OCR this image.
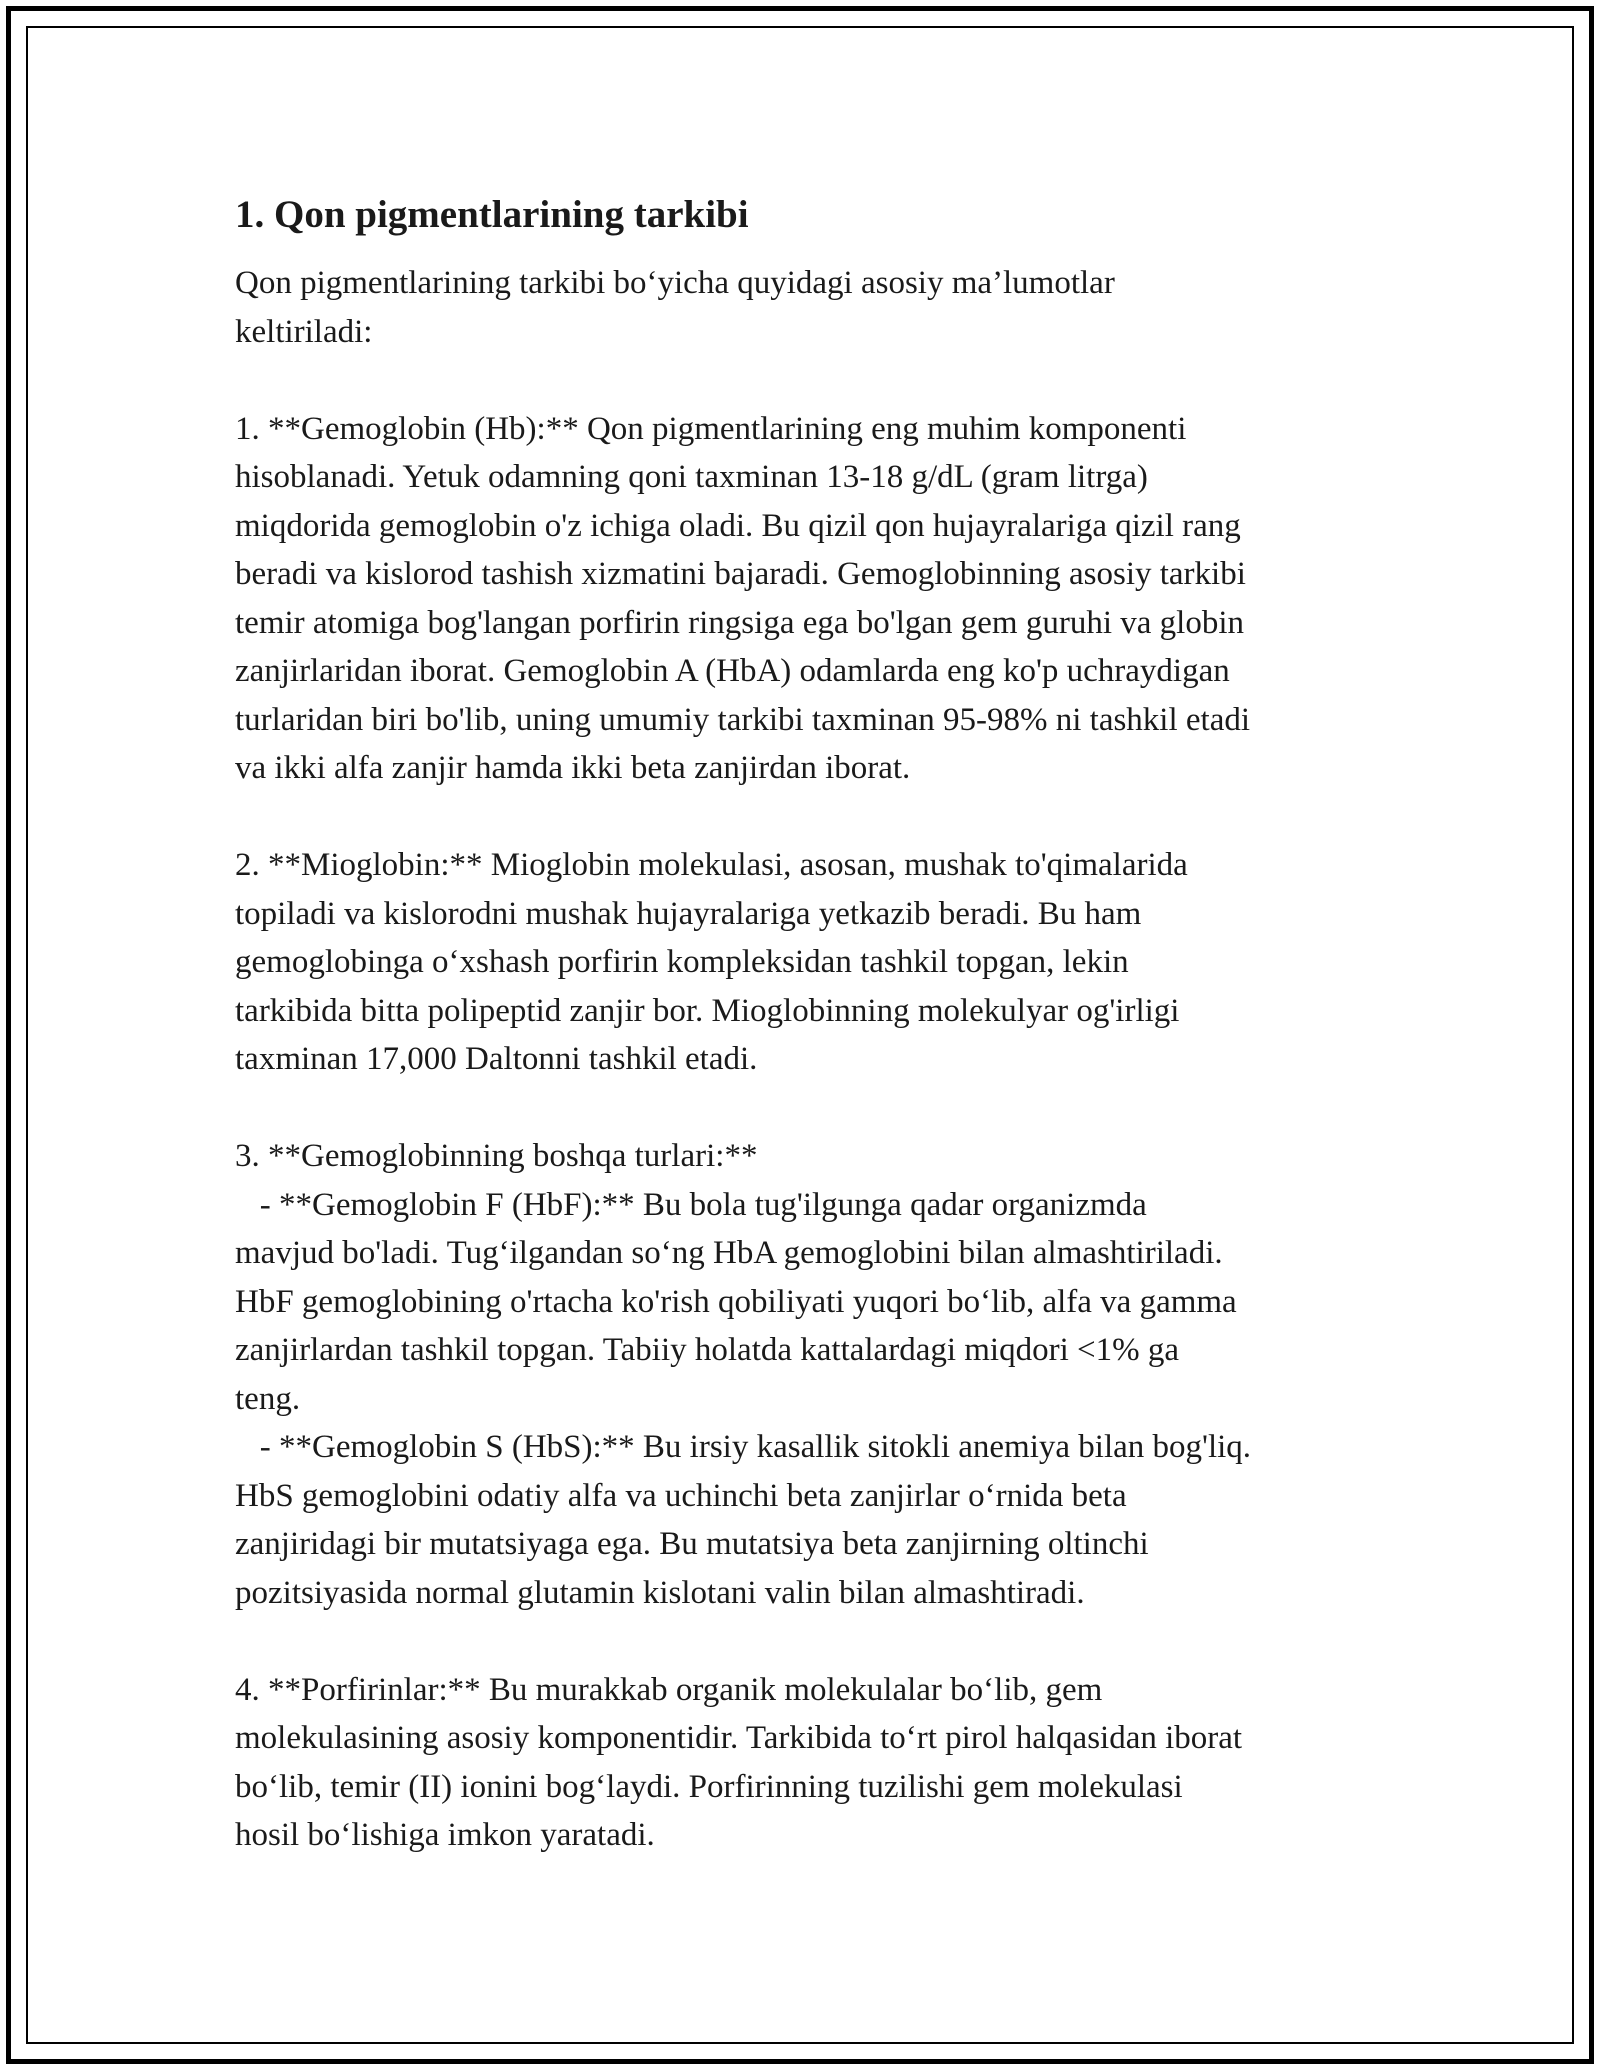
1. Qon pigmentlarining tarkibi

Qon pigmentlarining tarkibi bo‘yicha quyidagi asosiy ma’lumotlar
keltiriladi:

1. **Gemoglobin (Hb):** Qon pigmentlarining eng muhim komponenti
hisoblanadi. Yetuk odamning qoni taxminan 13-18 g/dL (gram litrga)
miqdorida gemoglobin o'z ichiga oladi. Bu qizil qon hujayralariga qizil rang
beradi va kislorod tashish xizmatini bajaradi. Gemoglobinning asosiy tarkibi
temir atomiga bog'langan porfirin ringsiga ega bo'lgan gem guruhi va globin
zanjirlaridan iborat. Gemoglobin A (HbA) odamlarda eng ko'p uchraydigan
turlaridan biri bo'lib, uning umumiy tarkibi taxminan 95-98% ni tashkil etadi
va ikki alfa zanjir hamda ikki beta zanjirdan iborat.

2. **Mioglobin:** Mioglobin molekulasi, asosan, mushak to'qimalarida
topiladi va kislorodni mushak hujayralariga yetkazib beradi. Bu ham
gemoglobinga o‘xshash porfirin kompleksidan tashkil topgan, lekin
tarkibida bitta polipeptid zanjir bor. Mioglobinning molekulyar og'irligi
taxminan 17,000 Daltonni tashkil etadi.

3. **Gemoglobinning boshqa turlari:**
- **Gemoglobin F (HbF):** Bu bola tug'ilgunga qadar organizmda
mavjud bo'ladi. Tug‘ilgandan so‘ng HbA gemoglobini bilan almashtiriladi.
HbF gemoglobining o'rtacha ko'rish qobiliyati yuqori bo‘lib, alfa va gamma
zanjirlardan tashkil topgan. Tabiiy holatda kattalardagi miqdori <1% ga
teng.
- **Gemoglobin S (HbS):** Bu irsiy kasallik sitokli anemiya bilan bog'liq.
HbS gemoglobini odatiy alfa va uchinchi beta zanjirlar o‘rnida beta
zanjiridagi bir mutatsiyaga ega. Bu mutatsiya beta zanjirning oltinchi
pozitsiyasida normal glutamin kislotani valin bilan almashtiradi.

4. **Porfirinlar:** Bu murakkab organik molekulalar bo‘lib, gem
molekulasining asosiy komponentidir. Tarkibida to‘rt pirol halqasidan iborat
bo‘lib, temir (II) ionini bog‘laydi. Porfirinning tuzilishi gem molekulasi
hosil bo‘lishiga imkon yaratadi.
